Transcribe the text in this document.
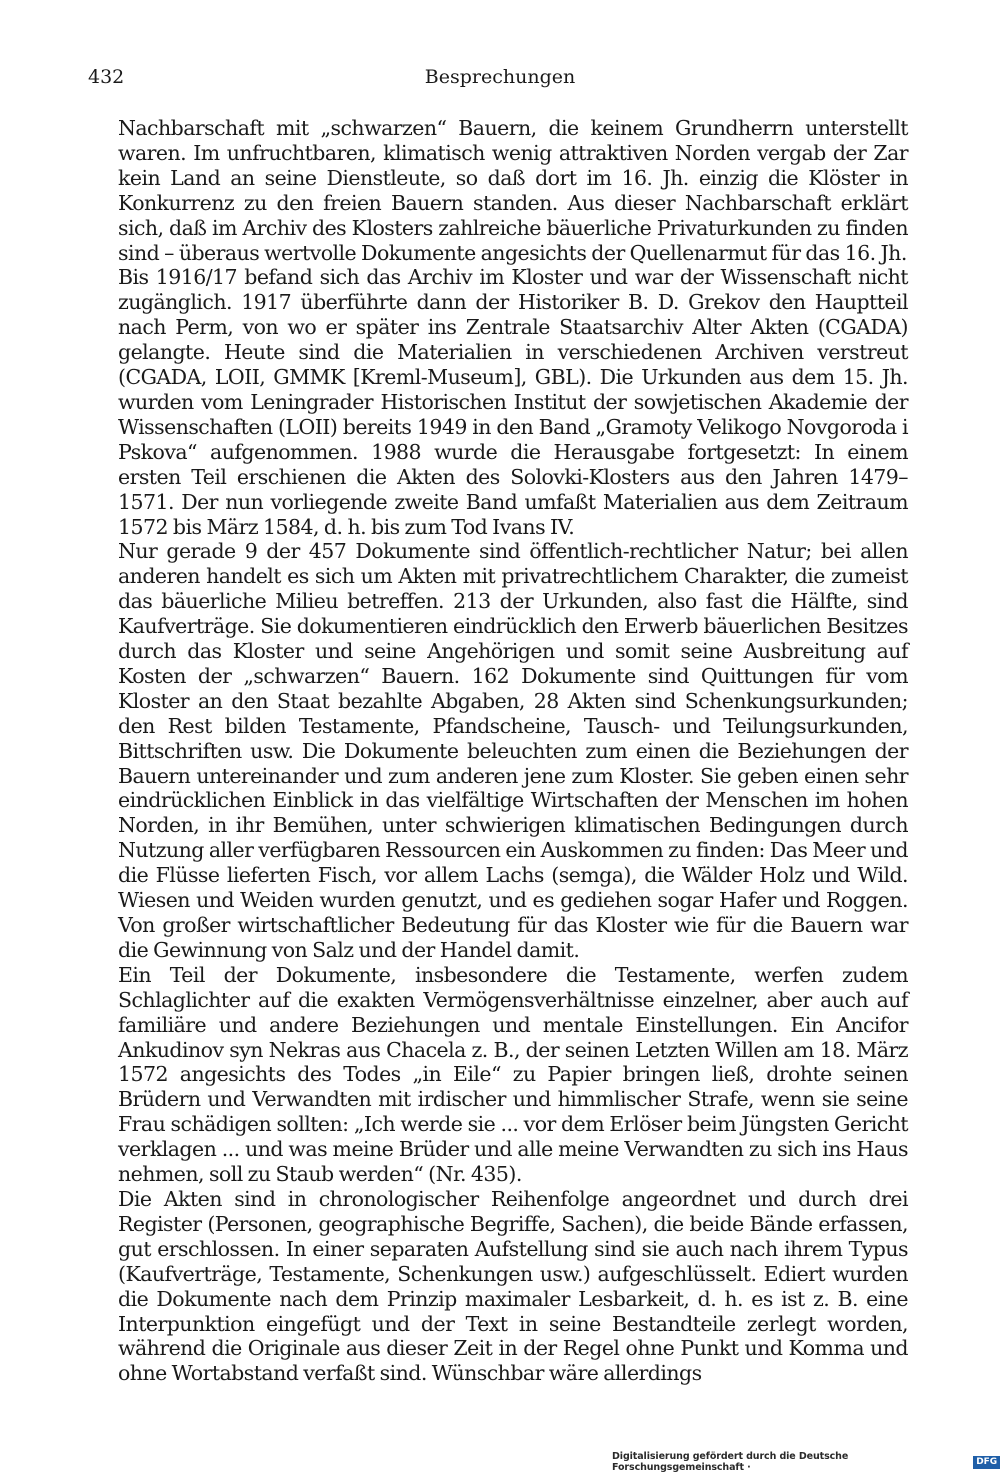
432	Besprechungen

Nachbarschaft mit „schwarzen“ Bauern, die keinem Grundherrn unterstellt waren. Im unfruchtbaren, klimatisch wenig attraktiven Norden vergab der Zar kein Land an seine Dienstleute, so daß dort im 16. Jh. einzig die Klöster in Konkurrenz zu den freien Bauern standen. Aus dieser Nachbarschaft erklärt sich, daß im Archiv des Klosters zahlreiche bäuerliche Privaturkunden zu finden sind – überaus wertvolle Dokumente angesichts der Quellenarmut für das 16. Jh.

Bis 1916/17 befand sich das Archiv im Kloster und war der Wissenschaft nicht zugänglich. 1917 überführte dann der Historiker B. D. Grekov den Hauptteil nach Perm, von wo er später ins Zentrale Staatsarchiv Alter Akten (CGADA) gelangte. Heute sind die Materialien in verschiedenen Archiven verstreut (CGADA, LOII, GMMK [Kreml-Museum], GBL). Die Urkunden aus dem 15. Jh. wurden vom Leningrader Historischen Institut der sowjetischen Akademie der Wissenschaften (LOII) bereits 1949 in den Band „Gramoty Velikogo Novgoroda i Pskova“ aufgenommen. 1988 wurde die Herausgabe fortgesetzt: In einem ersten Teil erschienen die Akten des Solovki-Klosters aus den Jahren 1479–1571. Der nun vorliegende zweite Band umfaßt Materialien aus dem Zeitraum 1572 bis März 1584, d. h. bis zum Tod Ivans IV.

Nur gerade 9 der 457 Dokumente sind öffentlich-rechtlicher Natur; bei allen anderen handelt es sich um Akten mit privatrechtlichem Charakter, die zumeist das bäuerliche Milieu betreffen. 213 der Urkunden, also fast die Hälfte, sind Kaufverträge. Sie dokumentieren eindrücklich den Erwerb bäuerlichen Besitzes durch das Kloster und seine Angehörigen und somit seine Ausbreitung auf Kosten der „schwarzen“ Bauern. 162 Dokumente sind Quittungen für vom Kloster an den Staat bezahlte Abgaben, 28 Akten sind Schenkungsurkunden; den Rest bilden Testamente, Pfandscheine, Tausch- und Teilungsurkunden, Bittschriften usw. Die Dokumente beleuchten zum einen die Beziehungen der Bauern untereinander und zum anderen jene zum Kloster. Sie geben einen sehr eindrücklichen Einblick in das vielfältige Wirtschaften der Menschen im hohen Norden, in ihr Bemühen, unter schwierigen klimatischen Bedingungen durch Nutzung aller verfügbaren Ressourcen ein Auskommen zu finden: Das Meer und die Flüsse lieferten Fisch, vor allem Lachs (semga), die Wälder Holz und Wild. Wiesen und Weiden wurden genutzt, und es gediehen sogar Hafer und Roggen. Von großer wirtschaftlicher Bedeutung für das Kloster wie für die Bauern war die Gewinnung von Salz und der Handel damit.

Ein Teil der Dokumente, insbesondere die Testamente, werfen zudem Schlaglichter auf die exakten Vermögensverhältnisse einzelner, aber auch auf familiäre und andere Beziehungen und mentale Einstellungen. Ein Ancifor Ankudinov syn Nekras aus Chacela z. B., der seinen Letzten Willen am 18. März 1572 angesichts des Todes „in Eile“ zu Papier bringen ließ, drohte seinen Brüdern und Verwandten mit irdischer und himmlischer Strafe, wenn sie seine Frau schädigen sollten: „Ich werde sie ... vor dem Erlöser beim Jüngsten Gericht verklagen ... und was meine Brüder und alle meine Verwandten zu sich ins Haus nehmen, soll zu Staub werden“ (Nr. 435).

Die Akten sind in chronologischer Reihenfolge angeordnet und durch drei Register (Personen, geographische Begriffe, Sachen), die beide Bände erfassen, gut erschlossen. In einer separaten Aufstellung sind sie auch nach ihrem Typus (Kaufverträge, Testamente, Schenkungen usw.) aufgeschlüsselt. Ediert wurden die Dokumente nach dem Prinzip maximaler Lesbarkeit, d. h. es ist z. B. eine Interpunktion eingefügt und der Text in seine Bestandteile zerlegt worden, während die Originale aus dieser Zeit in der Regel ohne Punkt und Komma und ohne Wortabstand verfaßt sind. Wünschbar wäre allerdings

Digitalisierung gefördert durch die Deutsche Forschungsgemeinschaft ·
DFG
